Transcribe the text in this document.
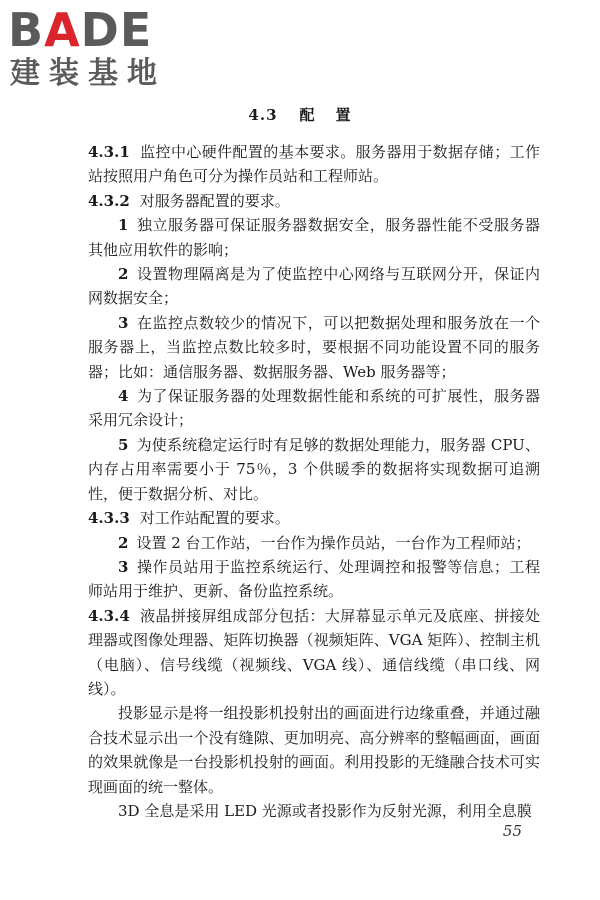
BADE
建装基地
4.3 配 置

4.3.1 监控中心硬件配置的基本要求。服务器用于数据存储；工作站按照用户角色可分为操作员站和工程师站。

4.3.2 对服务器配置的要求。

1 独立服务器可保证服务器数据安全，服务器性能不受服务器其他应用软件的影响；

2 设置物理隔离是为了使监控中心网络与互联网分开，保证内网数据安全；

3 在监控点数较少的情况下，可以把数据处理和服务放在一个服务器上，当监控点数比较多时，要根据不同功能设置不同的服务器；比如：通信服务器、数据服务器、Web 服务器等；

4 为了保证服务器的处理数据性能和系统的可扩展性，服务器采用冗余设计；

5 为使系统稳定运行时有足够的数据处理能力，服务器 CPU、内存占用率需要小于 75％，3 个供暖季的数据将实现数据可追溯性，便于数据分析、对比。

4.3.3 对工作站配置的要求。

2 设置 2 台工作站，一台作为操作员站，一台作为工程师站；

3 操作员站用于监控系统运行、处理调控和报警等信息；工程师站用于维护、更新、备份监控系统。

4.3.4 液晶拼接屏组成部分包括：大屏幕显示单元及底座、拼接处理器或图像处理器、矩阵切换器（视频矩阵、VGA 矩阵）、控制主机（电脑）、信号线缆（视频线、VGA 线）、通信线缆（串口线、网线）。

投影显示是将一组投影机投射出的画面进行边缘重叠，并通过融合技术显示出一个没有缝隙、更加明亮、高分辨率的整幅画面，画面的效果就像是一台投影机投射的画面。利用投影的无缝融合技术可实现画面的统一整体。

3D 全息是采用 LED 光源或者投影作为反射光源，利用全息膜

55
